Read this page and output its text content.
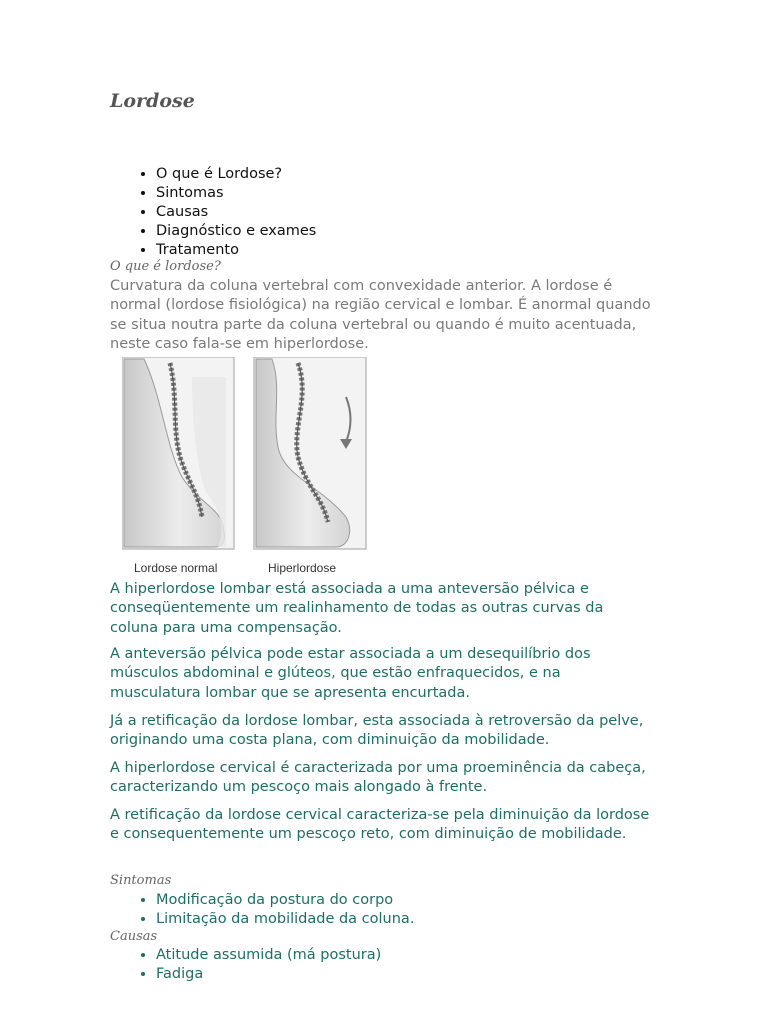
Lordose
• O que é Lordose?
• Sintomas
• Causas
• Diagnóstico e exames
• Tratamento

O que é lordose?

Curvatura da coluna vertebral com convexidade anterior. A lordose é normal (lordose fisiológica) na região cervical e lombar. É anormal quando se situa noutra parte da coluna vertebral ou quando é muito acentuada, neste caso fala-se em hiperlordose.

Lordose normal	Hiperlordose

A hiperlordose lombar está associada a uma anteversão pélvica e conseqüentemente um realinhamento de todas as outras curvas da coluna para uma compensação.

A anteversão pélvica pode estar associada a um desequilíbrio dos músculos abdominal e glúteos, que estão enfraquecidos, e na musculatura lombar que se apresenta encurtada.

Já a retificação da lordose lombar, esta associada à retroversão da pelve, originando uma costa plana, com diminuição da mobilidade.

A hiperlordose cervical é caracterizada por uma proeminência da cabeça, caracterizando um pescoço mais alongado à frente.

A retificação da lordose cervical caracteriza-se pela diminuição da lordose e consequentemente um pescoço reto, com diminuição de mobilidade.

Sintomas

• Modificação da postura do corpo
• Limitação da mobilidade da coluna.

Causas

• Atitude assumida (má postura)
• Fadiga
